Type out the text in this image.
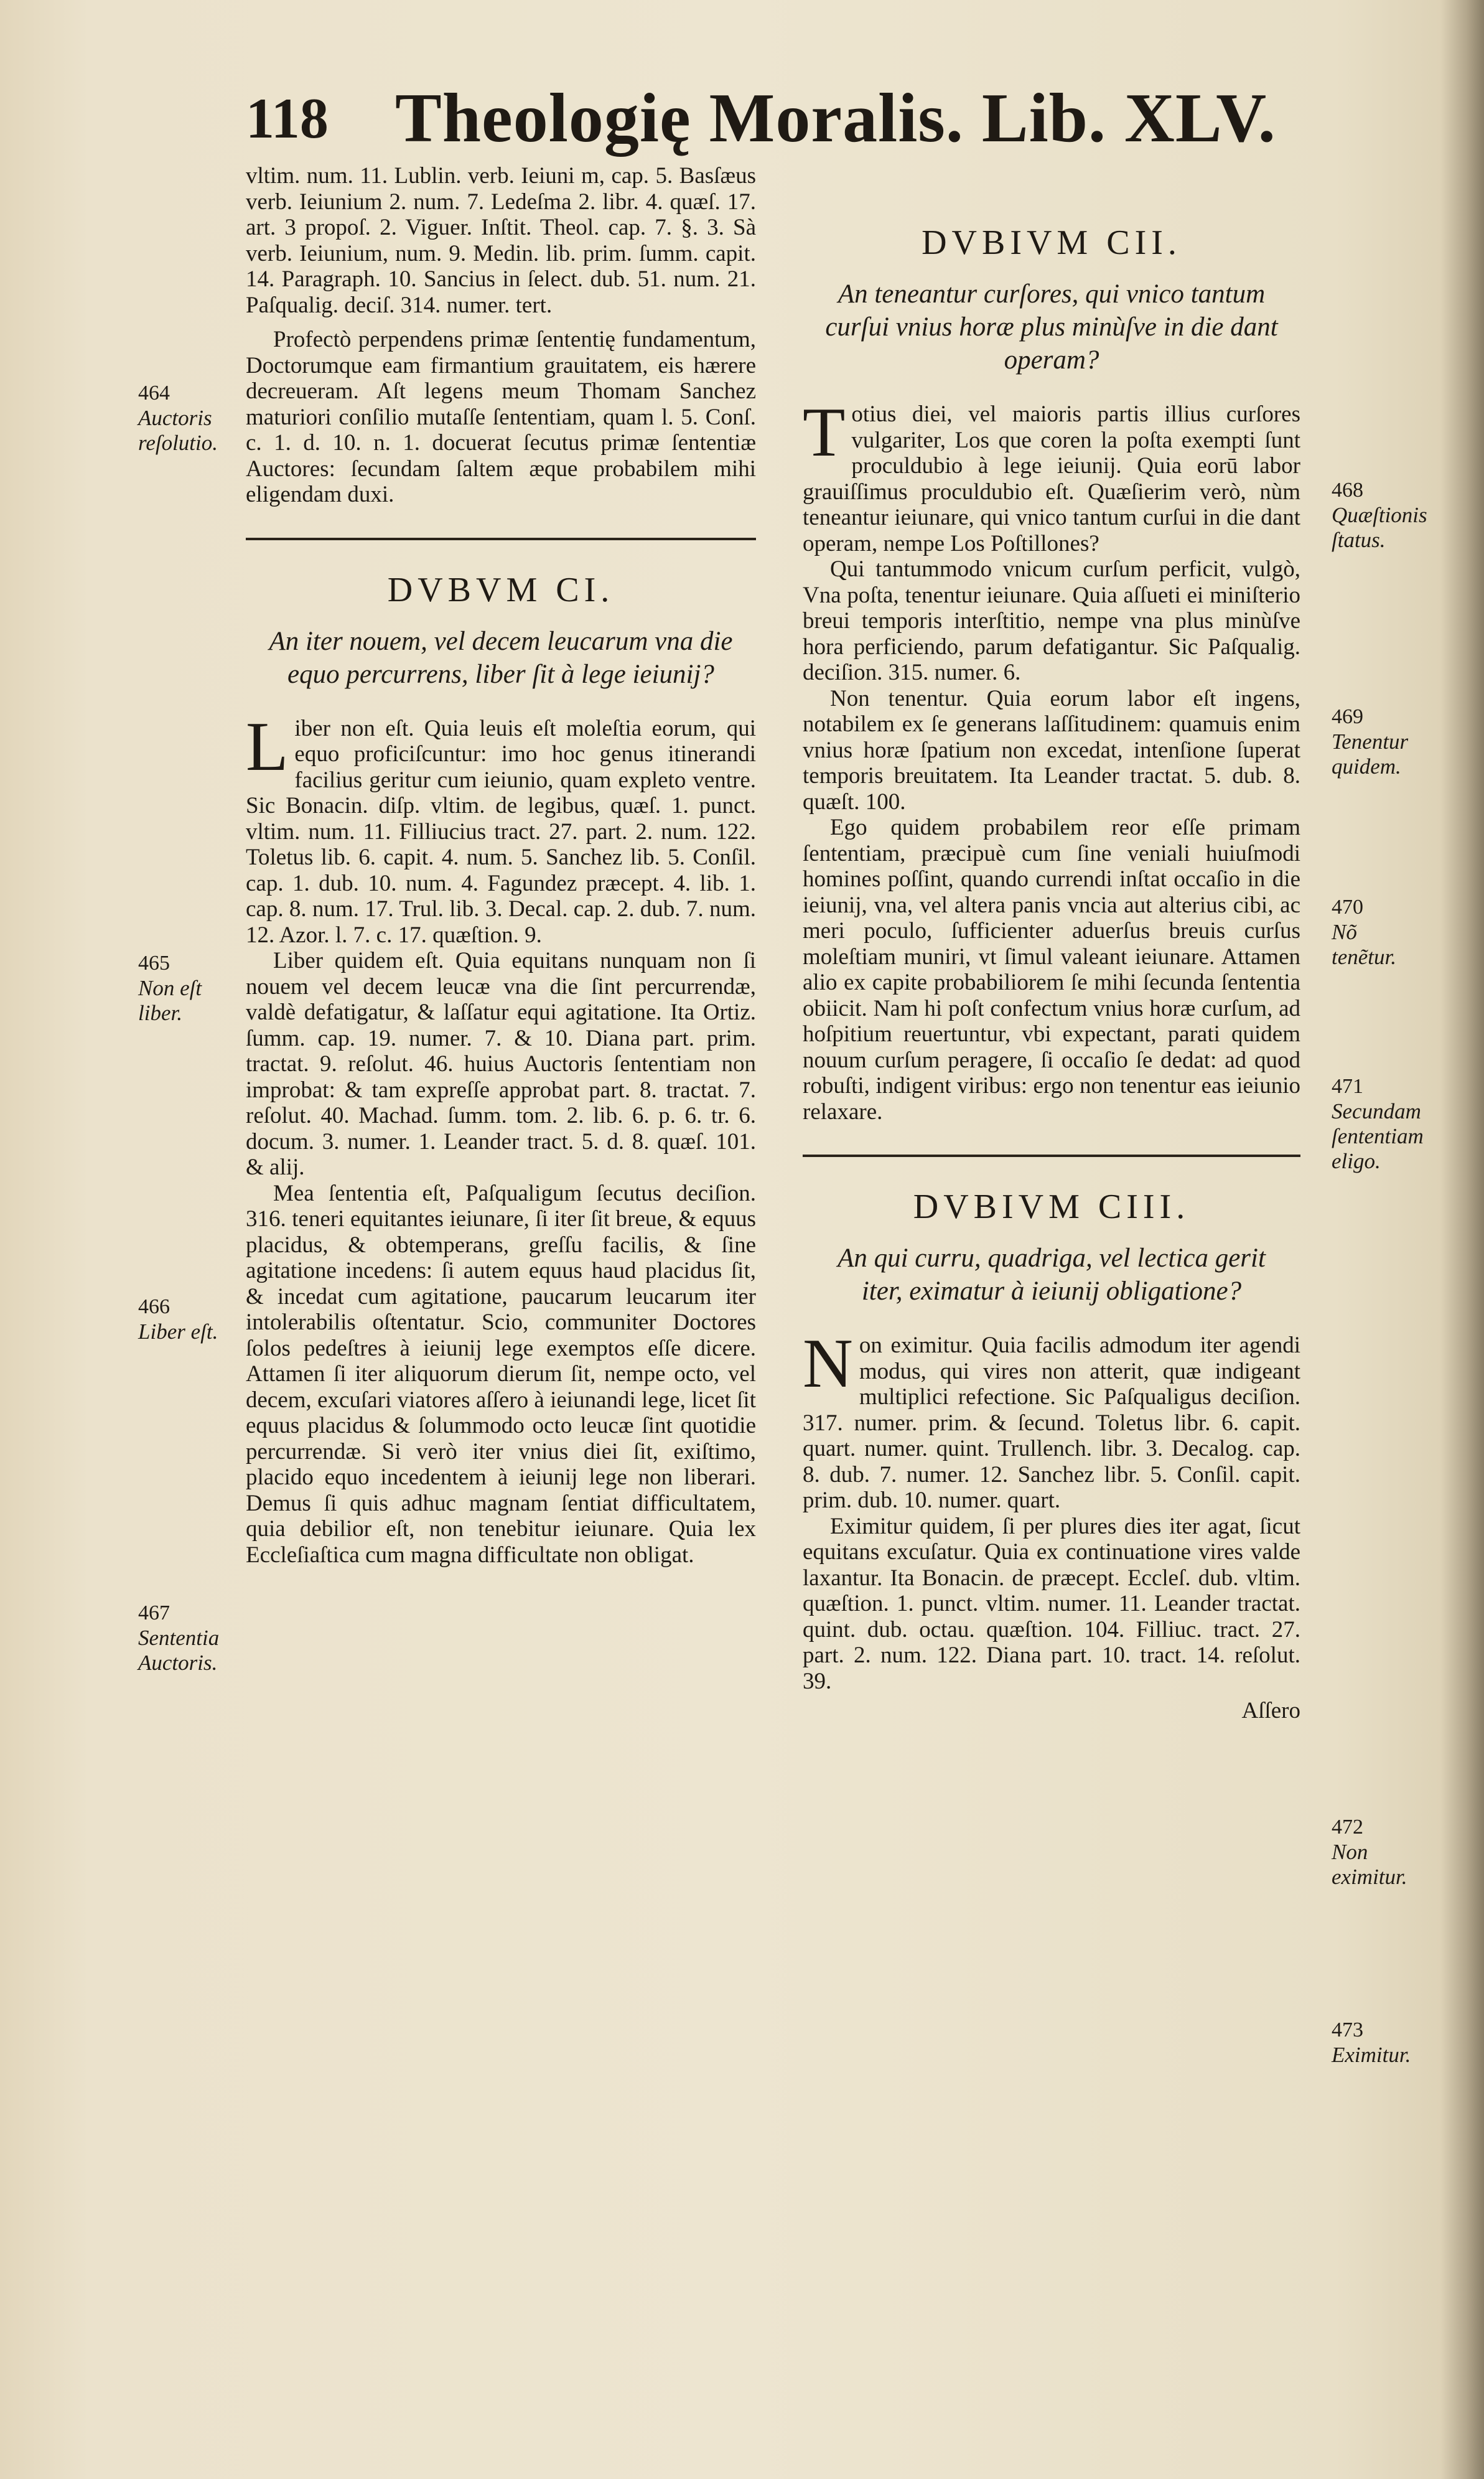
118 Theologię Moralis. Lib. XLV.

vltim. num. 11. Lublin. verb. Ieiuni m, cap. 5. Basſæus verb. Ieiunium 2. num. 7. Ledeſma 2. libr. 4. quæſ. 17. art. 3 propoſ. 2. Viguer. Inſtit. Theol. cap. 7. §. 3. Sà verb. Ieiunium, num. 9. Medin. lib. prim. ſumm. capit. 14. Paragraph. 10. Sancius in ſelect. dub. 51. num. 21. Paſqualig. deciſ. 314. numer. tert.

Profectò perpendens primæ ſententię fundamentum, Doctorumque eam firmantium grauitatem, eis hærere decreueram. Aſt legens meum Thomam Sanchez maturiori conſilio mutaſſe ſententiam, quam l. 5. Conſ. c. 1. d. 10. n. 1. docuerat ſecutus primæ ſententiæ Auctores: ſecundam ſaltem æque probabilem mihi eligendam duxi.

DVBVM CI.
An iter nouem, vel decem leucarum vna die equo percurrens, liber ſit à lege ieiunij?

Liber non eſt. Quia leuis eſt moleſtia eorum, qui equo proficiſcuntur: imo hoc genus itinerandi facilius geritur cum ieiunio, quam expleto ventre. Sic Bonacin. diſp. vltim. de legibus, quæſ. 1. punct. vltim. num. 11. Filliucius tract. 27. part. 2. num. 122. Toletus lib. 6. capit. 4. num. 5. Sanchez lib. 5. Conſil. cap. 1. dub. 10. num. 4. Fagundez præcept. 4. lib. 1. cap. 8. num. 17. Trul. lib. 3. Decal. cap. 2. dub. 7. num. 12. Azor. l. 7. c. 17. quæſtion. 9.

Liber quidem eſt. Quia equitans nunquam non ſi nouem vel decem leucæ vna die ſint percurrendæ, valdè defatigatur, & laſſatur equi agitatione. Ita Ortiz. ſumm. cap. 19. numer. 7. & 10. Diana part. prim. tractat. 9. reſolut. 46. huius Auctoris ſententiam non improbat: & tam expreſſe approbat part. 8. tractat. 7. reſolut. 40. Machad. ſumm. tom. 2. lib. 6. p. 6. tr. 6. docum. 3. numer. 1. Leander tract. 5. d. 8. quæſ. 101. & alij.

Mea ſententia eſt, Paſqualigum ſecutus deciſion. 316. teneri equitantes ieiunare, ſi iter ſit breue, & equus placidus, & obtemperans, greſſu facilis, & ſine agitatione incedens: ſi autem equus haud placidus ſit, & incedat cum agitatione, paucarum leucarum iter intolerabilis oſtentatur. Scio, communiter Doctores ſolos pedeſtres à ieiunij lege exemptos eſſe dicere. Attamen ſi iter aliquorum dierum ſit, nempe octo, vel decem, excuſari viatores aſſero à ieiunandi lege, licet ſit equus placidus & ſolummodo octo leucæ ſint quotidie percurrendæ. Si verò iter vnius diei ſit, exiſtimo, placido equo incedentem à ieiunij lege non liberari. Demus ſi quis adhuc magnam ſentiat difficultatem, quia debilior eſt, non tenebitur ieiunare. Quia lex Eccleſiaſtica cum magna difficultate non obligat.

DVBIVM CII.
An teneantur curſores, qui vnico tantum curſui vnius horæ plus minùſve in die dant operam?

Totius diei, vel maioris partis illius curſores vulgariter, Los que coren la poſta exempti ſunt proculdubio à lege ieiunij. Quia eorū labor grauiſſimus proculdubio eſt. Quæſierim verò, nùm teneantur ieiunare, qui vnico tantum curſui in die dant operam, nempe Los Poſtillones?

Qui tantummodo vnicum curſum perficit, vulgò, Vna poſta, tenentur ieiunare. Quia aſſueti ei miniſterio breui temporis interſtitio, nempe vna plus minùſve hora perficiendo, parum defatigantur. Sic Paſqualig. deciſion. 315. numer. 6.

Non tenentur. Quia eorum labor eſt ingens, notabilem ex ſe generans laſſitudinem: quamuis enim vnius horæ ſpatium non excedat, intenſione ſuperat temporis breuitatem. Ita Leander tractat. 5. dub. 8. quæſt. 100.

Ego quidem probabilem reor eſſe primam ſententiam, præcipuè cum ſine veniali huiuſmodi homines poſſint, quando currendi inſtat occaſio in die ieiunij, vna, vel altera panis vncia aut alterius cibi, ac meri poculo, ſufficienter aduerſus breuis curſus moleſtiam muniri, vt ſimul valeant ieiunare. Attamen alio ex capite probabiliorem ſe mihi ſecunda ſententia obiicit. Nam hi poſt confectum vnius horæ curſum, ad hoſpitium reuertuntur, vbi expectant, parati quidem nouum curſum peragere, ſi occaſio ſe dedat: ad quod robuſti, indigent viribus: ergo non tenentur eas ieiunio relaxare.

DVBIVM CIII.
An qui curru, quadriga, vel lectica gerit iter, eximatur à ieiunij obligatione?

Non eximitur. Quia facilis admodum iter agendi modus, qui vires non atterit, quæ indigeant multiplici refectione. Sic Paſqualigus deciſion. 317. numer. prim. & ſecund. Toletus libr. 6. capit. quart. numer. quint. Trullench. libr. 3. Decalog. cap. 8. dub. 7. numer. 12. Sanchez libr. 5. Conſil. capit. prim. dub. 10. numer. quart.

Eximitur quidem, ſi per plures dies iter agat, ſicut equitans excuſatur. Quia ex continuatione vires valde laxantur. Ita Bonacin. de præcept. Eccleſ. dub. vltim. quæſtion. 1. punct. vltim. numer. 11. Leander tractat. quint. dub. octau. quæſtion. 104. Filliuc. tract. 27. part. 2. num. 122. Diana part. 10. tract. 14. reſolut. 39.

Aſſero
464
Auctoris reſolutio.
465
Non eſt liber.
466
Liber eſt.
467
Sententia Auctoris.
468
Quæſtionis ſtatus.
469
Tenentur quidem.
470
Nõ tenẽtur.
471
Secundam ſententiam eligo.
472
Non eximitur.
473
Eximitur.
